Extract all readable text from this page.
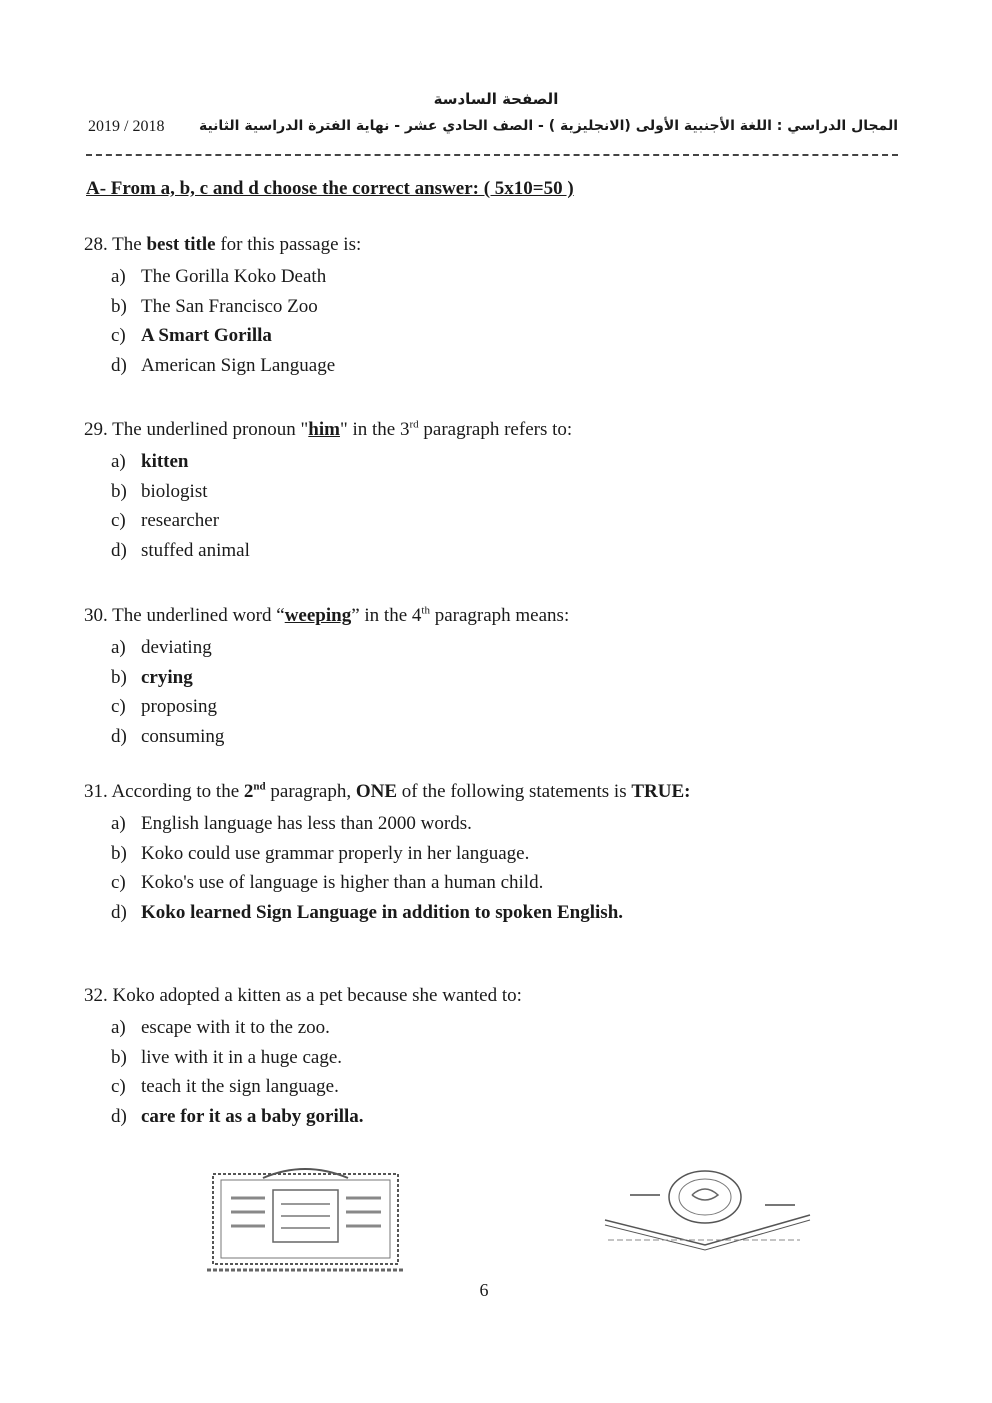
الصفحة السادسة
المجال الدراسي : اللغة الأجنبية الأولى (الانجليزية ) - الصف الحادي عشر - نهاية الفترة الدراسية الثانية
2019 / 2018
A- From a, b, c and d choose the correct answer: ( 5x10=50 )
28. The best title for this passage is:
a) The Gorilla Koko Death
b) The San Francisco Zoo
c) A Smart Gorilla
d) American Sign Language
29. The underlined pronoun "him" in the 3rd paragraph refers to:
a) kitten
b) biologist
c) researcher
d) stuffed animal
30. The underlined word “weeping” in the 4th paragraph means:
a) deviating
b) crying
c) proposing
d) consuming
31. According to the 2nd paragraph, ONE of the following statements is TRUE:
a) English language has less than 2000 words.
b) Koko could use grammar properly in her language.
c) Koko's use of language is higher than a human child.
d) Koko learned Sign Language in addition to spoken English.
32. Koko adopted a kitten as a pet because she wanted to:
a) escape with it to the zoo.
b) live with it in a huge cage.
c) teach it the sign language.
d) care for it as a baby gorilla.
6
